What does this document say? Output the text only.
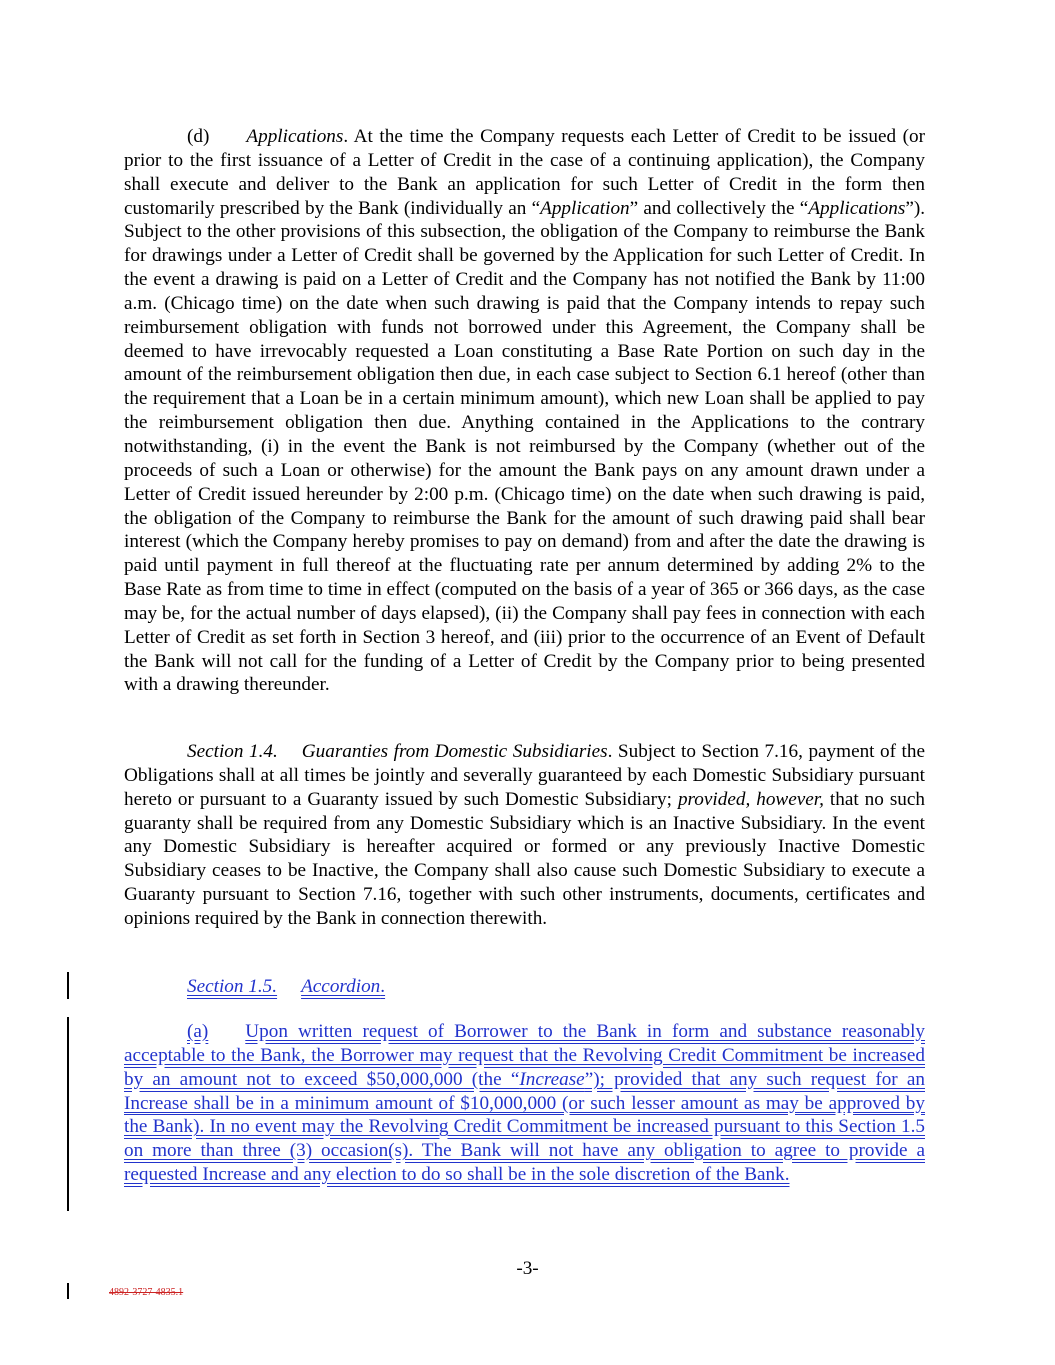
(d) Applications. At the time the Company requests each Letter of Credit to be issued (or prior to the first issuance of a Letter of Credit in the case of a continuing application), the Company shall execute and deliver to the Bank an application for such Letter of Credit in the form then customarily prescribed by the Bank (individually an “Application” and collectively the “Applications”). Subject to the other provisions of this subsection, the obligation of the Company to reimburse the Bank for drawings under a Letter of Credit shall be governed by the Application for such Letter of Credit. In the event a drawing is paid on a Letter of Credit and the Company has not notified the Bank by 11:00 a.m. (Chicago time) on the date when such drawing is paid that the Company intends to repay such reimbursement obligation with funds not borrowed under this Agreement, the Company shall be deemed to have irrevocably requested a Loan constituting a Base Rate Portion on such day in the amount of the reimbursement obligation then due, in each case subject to Section 6.1 hereof (other than the requirement that a Loan be in a certain minimum amount), which new Loan shall be applied to pay the reimbursement obligation then due. Anything contained in the Applications to the contrary notwithstanding, (i) in the event the Bank is not reimbursed by the Company (whether out of the proceeds of such a Loan or otherwise) for the amount the Bank pays on any amount drawn under a Letter of Credit issued hereunder by 2:00 p.m. (Chicago time) on the date when such drawing is paid, the obligation of the Company to reimburse the Bank for the amount of such drawing paid shall bear interest (which the Company hereby promises to pay on demand) from and after the date the drawing is paid until payment in full thereof at the fluctuating rate per annum determined by adding 2% to the Base Rate as from time to time in effect (computed on the basis of a year of 365 or 366 days, as the case may be, for the actual number of days elapsed), (ii) the Company shall pay fees in connection with each Letter of Credit as set forth in Section 3 hereof, and (iii) prior to the occurrence of an Event of Default the Bank will not call for the funding of a Letter of Credit by the Company prior to being presented with a drawing thereunder.

Section 1.4. Guaranties from Domestic Subsidiaries. Subject to Section 7.16, payment of the Obligations shall at all times be jointly and severally guaranteed by each Domestic Subsidiary pursuant hereto or pursuant to a Guaranty issued by such Domestic Subsidiary; provided, however, that no such guaranty shall be required from any Domestic Subsidiary which is an Inactive Subsidiary. In the event any Domestic Subsidiary is hereafter acquired or formed or any previously Inactive Domestic Subsidiary ceases to be Inactive, the Company shall also cause such Domestic Subsidiary to execute a Guaranty pursuant to Section 7.16, together with such other instruments, documents, certificates and opinions required by the Bank in connection therewith.

Section 1.5. Accordion.

(a) Upon written request of Borrower to the Bank in form and substance reasonably acceptable to the Bank, the Borrower may request that the Revolving Credit Commitment be increased by an amount not to exceed $50,000,000 (the “Increase”); provided that any such request for an Increase shall be in a minimum amount of $10,000,000 (or such lesser amount as may be approved by the Bank). In no event may the Revolving Credit Commitment be increased pursuant to this Section 1.5 on more than three (3) occasion(s). The Bank will not have any obligation to agree to provide a requested Increase and any election to do so shall be in the sole discretion of the Bank.

-3-
4892-3727-4835.1
